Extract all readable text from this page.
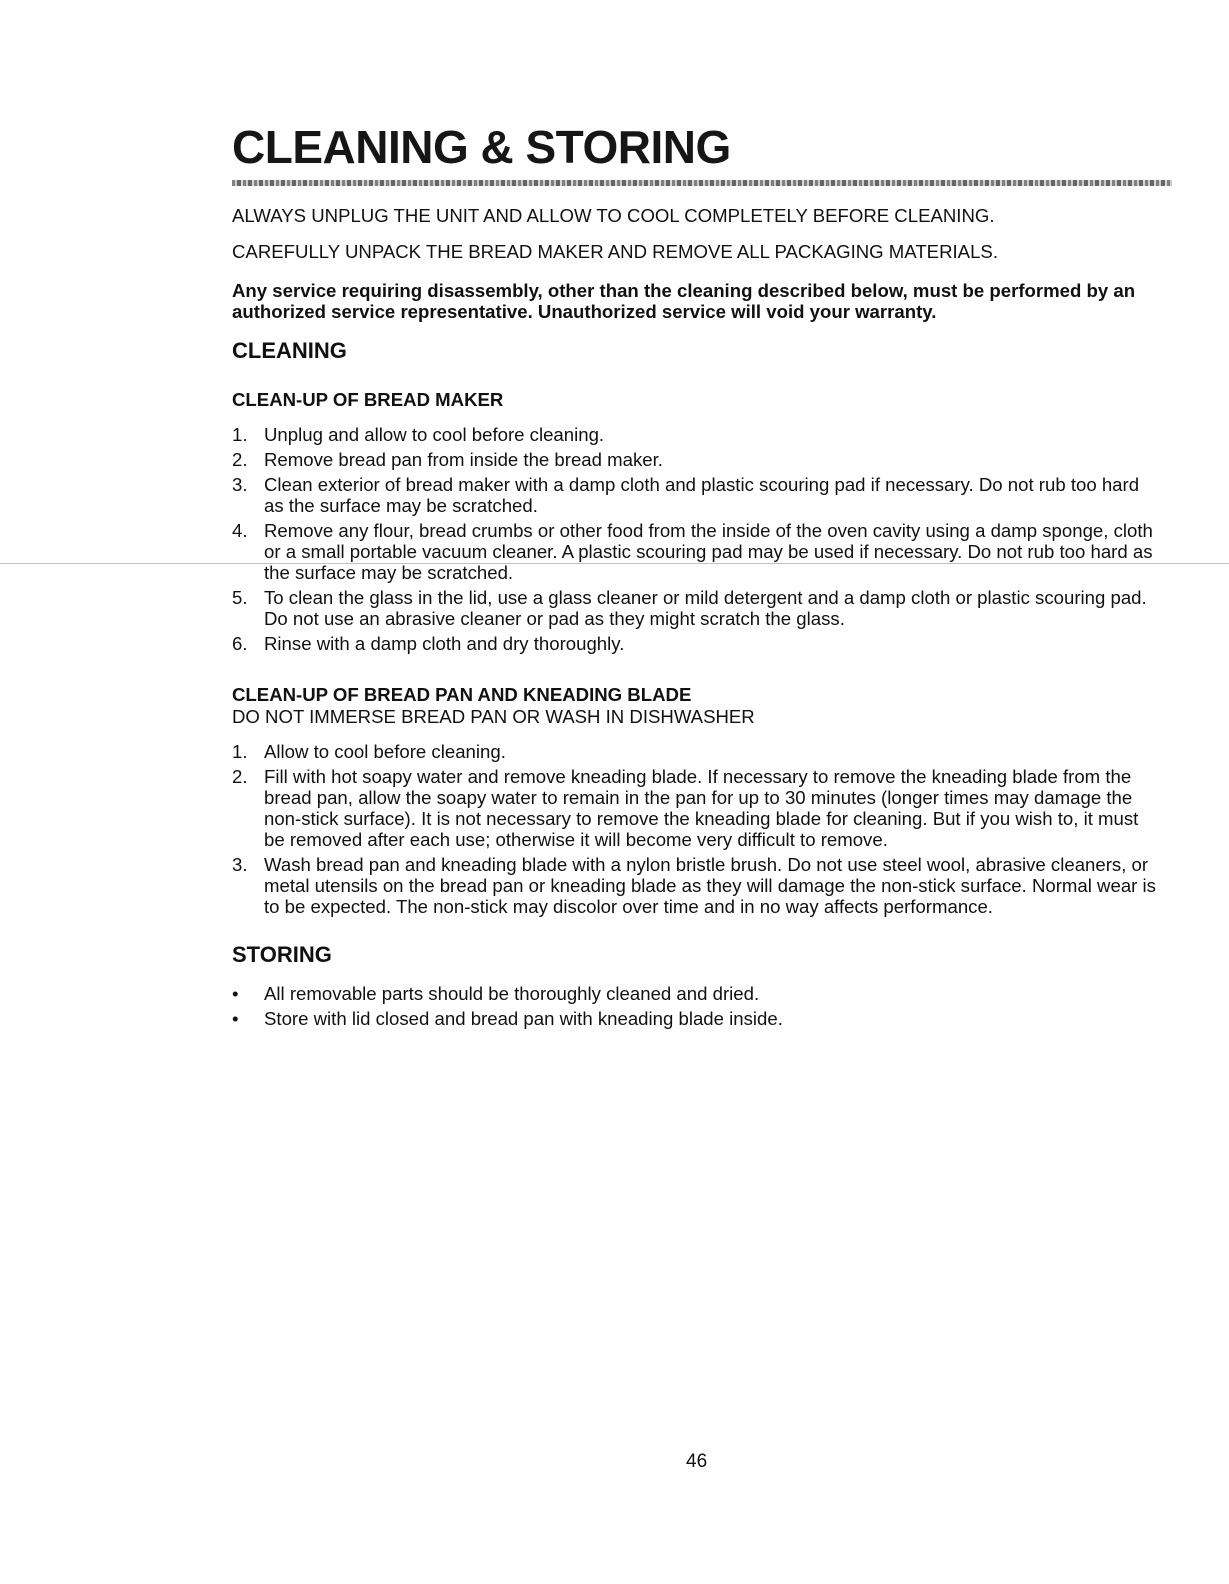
CLEANING & STORING

ALWAYS UNPLUG THE UNIT AND ALLOW TO COOL COMPLETELY BEFORE CLEANING.

CAREFULLY UNPACK THE BREAD MAKER AND REMOVE ALL PACKAGING MATERIALS.

Any service requiring disassembly, other than the cleaning described below, must be performed by an authorized service representative. Unauthorized service will void your warranty.

CLEANING
CLEAN-UP OF BREAD MAKER
1. Unplug and allow to cool before cleaning.
2. Remove bread pan from inside the bread maker.
3. Clean exterior of bread maker with a damp cloth and plastic scouring pad if necessary. Do not rub too hard as the surface may be scratched.
4. Remove any flour, bread crumbs or other food from the inside of the oven cavity using a damp sponge, cloth or a small portable vacuum cleaner. A plastic scouring pad may be used if necessary. Do not rub too hard as the surface may be scratched.
5. To clean the glass in the lid, use a glass cleaner or mild detergent and a damp cloth or plastic scouring pad. Do not use an abrasive cleaner or pad as they might scratch the glass.
6. Rinse with a damp cloth and dry thoroughly.
CLEAN-UP OF BREAD PAN AND KNEADING BLADE
DO NOT IMMERSE BREAD PAN OR WASH IN DISHWASHER
1. Allow to cool before cleaning.
2. Fill with hot soapy water and remove kneading blade. If necessary to remove the kneading blade from the bread pan, allow the soapy water to remain in the pan for up to 30 minutes (longer times may damage the non-stick surface). It is not necessary to remove the kneading blade for cleaning. But if you wish to, it must be removed after each use; otherwise it will become very difficult to remove.
3. Wash bread pan and kneading blade with a nylon bristle brush. Do not use steel wool, abrasive cleaners, or metal utensils on the bread pan or kneading blade as they will damage the non-stick surface. Normal wear is to be expected. The non-stick may discolor over time and in no way affects performance.
STORING
• All removable parts should be thoroughly cleaned and dried.
• Store with lid closed and bread pan with kneading blade inside.
46
